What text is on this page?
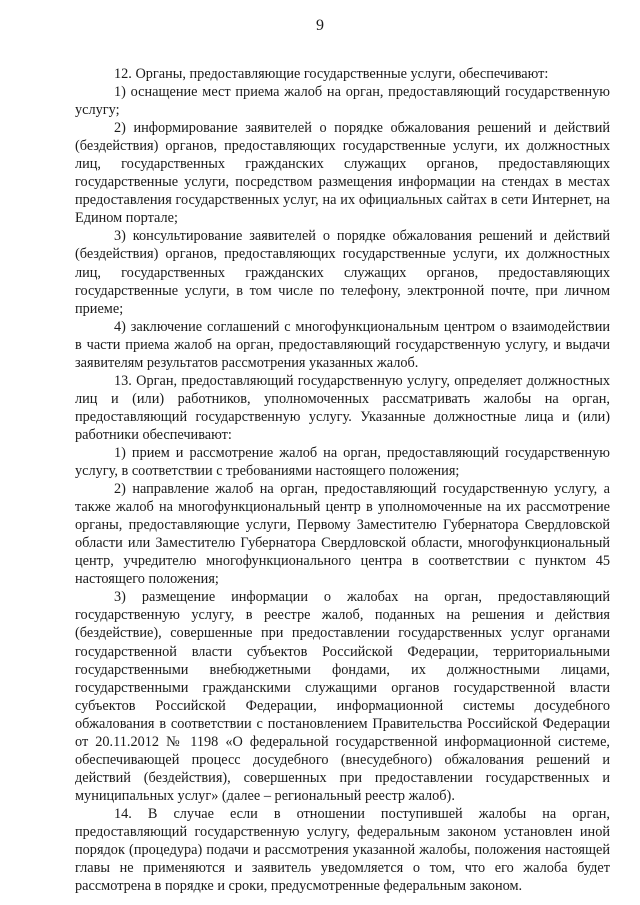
9

12. Органы, предоставляющие государственные услуги, обеспечивают:

1) оснащение мест приема жалоб на орган, предоставляющий государственную услугу;

2) информирование заявителей о порядке обжалования решений и действий (бездействия) органов, предоставляющих государственные услуги, их должностных лиц, государственных гражданских служащих органов, предоставляющих государственные услуги, посредством размещения информации на стендах в местах предоставления государственных услуг, на их официальных сайтах в сети Интернет, на Едином портале;

3) консультирование заявителей о порядке обжалования решений и действий (бездействия) органов, предоставляющих государственные услуги, их должностных лиц, государственных гражданских служащих органов, предоставляющих государственные услуги, в том числе по телефону, электронной почте, при личном приеме;

4) заключение соглашений с многофункциональным центром о взаимодействии в части приема жалоб на орган, предоставляющий государственную услугу, и выдачи заявителям результатов рассмотрения указанных жалоб.

13. Орган, предоставляющий государственную услугу, определяет должностных лиц и (или) работников, уполномоченных рассматривать жалобы на орган, предоставляющий государственную услугу. Указанные должностные лица и (или) работники обеспечивают:

1) прием и рассмотрение жалоб на орган, предоставляющий государственную услугу, в соответствии с требованиями настоящего положения;

2) направление жалоб на орган, предоставляющий государственную услугу, а также жалоб на многофункциональный центр в уполномоченные на их рассмотрение органы, предоставляющие услуги, Первому Заместителю Губернатора Свердловской области или Заместителю Губернатора Свердловской области, многофункциональный центр, учредителю многофункционального центра в соответствии с пунктом 45 настоящего положения;

3) размещение информации о жалобах на орган, предоставляющий государственную услугу, в реестре жалоб, поданных на решения и действия (бездействие), совершенные при предоставлении государственных услуг органами государственной власти субъектов Российской Федерации, территориальными государственными внебюджетными фондами, их должностными лицами, государственными гражданскими служащими органов государственной власти субъектов Российской Федерации, информационной системы досудебного обжалования в соответствии с постановлением Правительства Российской Федерации от 20.11.2012 № 1198 «О федеральной государственной информационной системе, обеспечивающей процесс досудебного (внесудебного) обжалования решений и действий (бездействия), совершенных при предоставлении государственных и муниципальных услуг» (далее – региональный реестр жалоб).

14. В случае если в отношении поступившей жалобы на орган, предоставляющий государственную услугу, федеральным законом установлен иной порядок (процедура) подачи и рассмотрения указанной жалобы, положения настоящей главы не применяются и заявитель уведомляется о том, что его жалоба будет рассмотрена в порядке и сроки, предусмотренные федеральным законом.
